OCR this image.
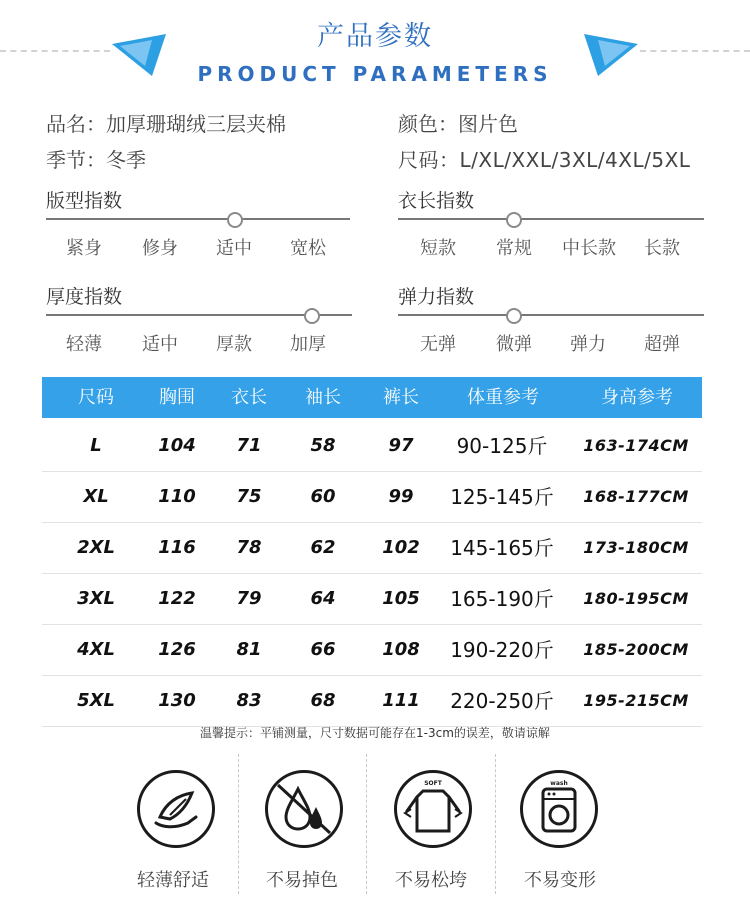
产品参数
PRODUCT PARAMETERS
品名：加厚珊瑚绒三层夹棉	颜色：图片色
季节：冬季	尺码：L/XL/XXL/3XL/4XL/5XL
版型指数
紧身	修身	适中	宽松
衣长指数
短款	常规	中长款	长款
厚度指数
轻薄	适中	厚款	加厚
弹力指数
无弹	微弹	弹力	超弹
尺码	胸围	衣长	袖长	裤长	体重参考	身高参考
L	104	71	58	97	90-125斤	163-174CM
XL	110	75	60	99	125-145斤	168-177CM
2XL	116	78	62	102	145-165斤	173-180CM
3XL	122	79	64	105	165-190斤	180-195CM
4XL	126	81	66	108	190-220斤	185-200CM
5XL	130	83	68	111	220-250斤	195-215CM
温馨提示：平铺测量，尺寸数据可能存在1-3cm的误差，敬请谅解
SOFT	wash
轻薄舒适	不易掉色	不易松垮	不易变形
